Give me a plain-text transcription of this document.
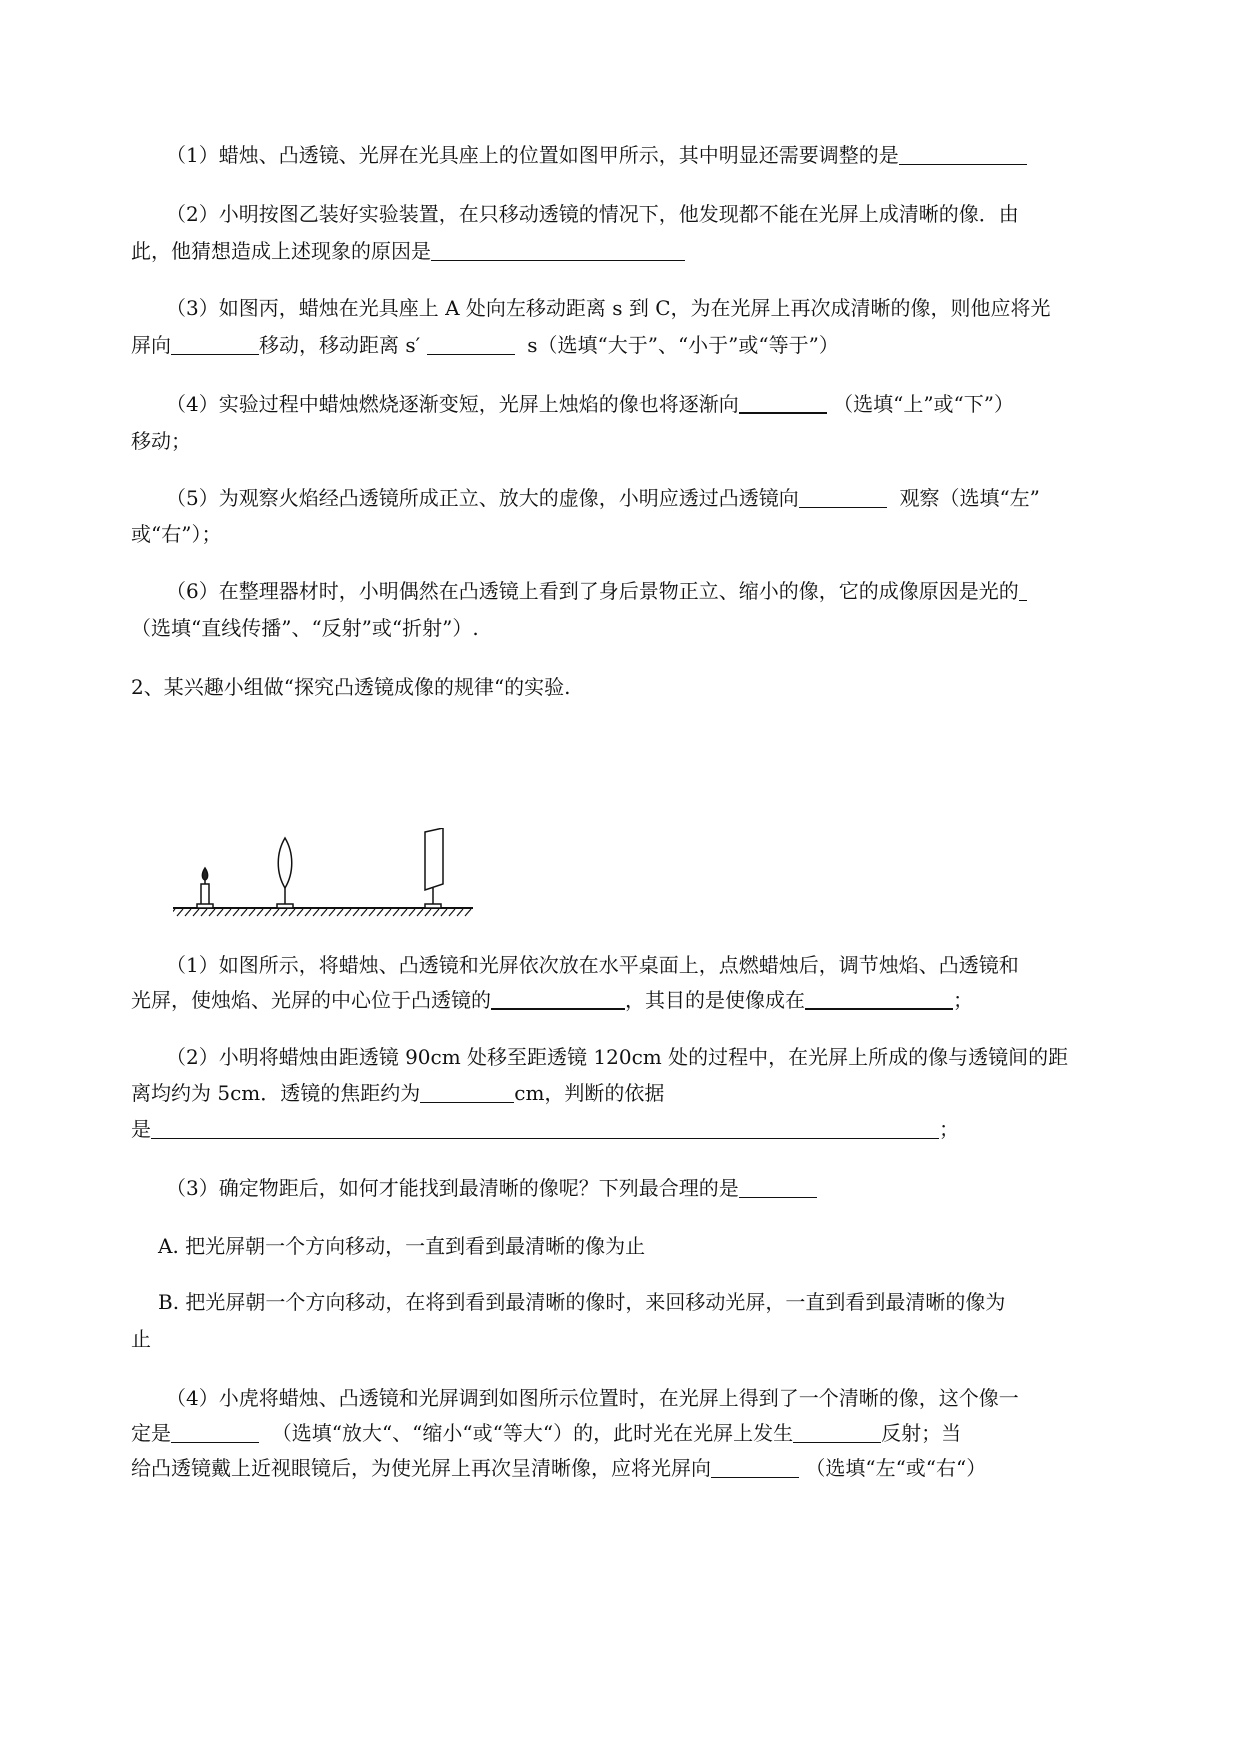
（1）蜡烛、凸透镜、光屏在光具座上的位置如图甲所示，其中明显还需要调整的是
（2）小明按图乙装好实验装置，在只移动透镜的情况下，他发现都不能在光屏上成清晰的像．由
此，他猜想造成上述现象的原因是
（3）如图丙，蜡烛在光具座上 A 处向左移动距离 s 到 C，为在光屏上再次成清晰的像，则他应将光
屏向	移动，移动距离 s′	s（选填“大于”、“小于”或“等于”）
（4）实验过程中蜡烛燃烧逐渐变短，光屏上烛焰的像也将逐渐向	（选填“上”或“下”）
移动；
（5）为观察火焰经凸透镜所成正立、放大的虚像，小明应透过凸透镜向	观察（选填“左”
或“右”）；
（6）在整理器材时，小明偶然在凸透镜上看到了身后景物正立、缩小的像，它的成像原因是光的
（选填“直线传播”、“反射”或“折射”）.
2、某兴趣小组做“探究凸透镜成像的规律“的实验.
（1）如图所示，将蜡烛、凸透镜和光屏依次放在水平桌面上，点燃蜡烛后，调节烛焰、凸透镜和
光屏，使烛焰、光屏的中心位于凸透镜的	，其目的是使像成在	；
（2）小明将蜡烛由距透镜 90cm 处移至距透镜 120cm 处的过程中，在光屏上所成的像与透镜间的距
离均约为 5cm．透镜的焦距约为	cm，判断的依据
是	；
（3）确定物距后，如何才能找到最清晰的像呢？下列最合理的是
A. 把光屏朝一个方向移动，一直到看到最清晰的像为止
B. 把光屏朝一个方向移动，在将到看到最清晰的像时，来回移动光屏，一直到看到最清晰的像为
止
（4）小虎将蜡烛、凸透镜和光屏调到如图所示位置时，在光屏上得到了一个清晰的像，这个像一
定是	（选填“放大“、“缩小“或“等大“）的，此时光在光屏上发生	反射；当
给凸透镜戴上近视眼镜后，为使光屏上再次呈清晰像，应将光屏向	（选填“左“或“右“）
